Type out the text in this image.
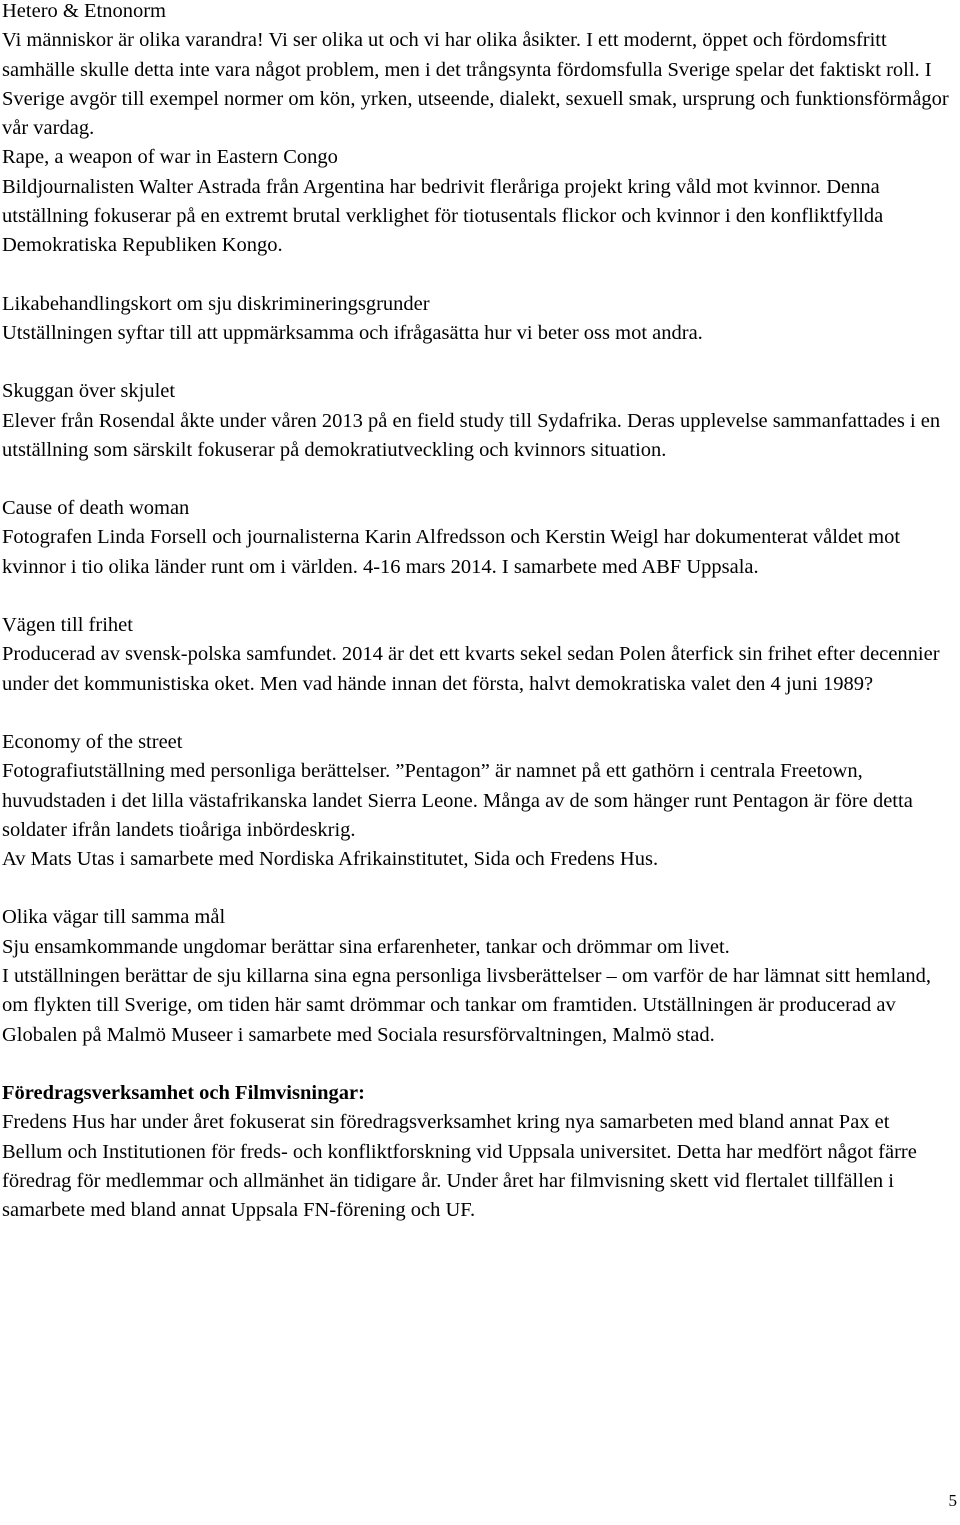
Hetero & Etnonorm
Vi människor är olika varandra! Vi ser olika ut och vi har olika åsikter. I ett modernt, öppet och fördomsfritt samhälle skulle detta inte vara något problem, men i det trångsynta fördomsfulla Sverige spelar det faktiskt roll. I Sverige avgör till exempel normer om kön, yrken, utseende, dialekt, sexuell smak, ursprung och funktionsförmågor vår vardag.
Rape, a weapon of war in Eastern Congo
Bildjournalisten Walter Astrada från Argentina har bedrivit fleråriga projekt kring våld mot kvinnor. Denna utställning fokuserar på en extremt brutal verklighet för tiotusentals flickor och kvinnor i den konfliktfyllda Demokratiska Republiken Kongo.
Likabehandlingskort om sju diskrimineringsgrunder
Utställningen syftar till att uppmärksamma och ifrågasätta hur vi beter oss mot andra.
Skuggan över skjulet
Elever från Rosendal åkte under våren 2013 på en field study till Sydafrika. Deras upplevelse sammanfattades i en utställning som särskilt fokuserar på demokratiutveckling och kvinnors situation.
Cause of death woman
Fotografen Linda Forsell och journalisterna Karin Alfredsson och Kerstin Weigl har dokumenterat våldet mot kvinnor i tio olika länder runt om i världen. 4-16 mars 2014. I samarbete med ABF Uppsala.
Vägen till frihet
Producerad av svensk-polska samfundet. 2014 är det ett kvarts sekel sedan Polen återfick sin frihet efter decennier under det kommunistiska oket. Men vad hände innan det första, halvt demokratiska valet den 4 juni 1989?
Economy of the street
Fotografiutställning med personliga berättelser. ”Pentagon” är namnet på ett gathörn i centrala Freetown, huvudstaden i det lilla västafrikanska landet Sierra Leone. Många av de som hänger runt Pentagon är före detta soldater ifrån landets tioåriga inbördeskrig.
Av Mats Utas i samarbete med Nordiska Afrikainstitutet, Sida och Fredens Hus.
Olika vägar till samma mål
Sju ensamkommande ungdomar berättar sina erfarenheter, tankar och drömmar om livet.
I utställningen berättar de sju killarna sina egna personliga livsberättelser – om varför de har lämnat sitt hemland, om flykten till Sverige, om tiden här samt drömmar och tankar om framtiden. Utställningen är producerad av Globalen på Malmö Museer i samarbete med Sociala resursförvaltningen, Malmö stad.
Föredragsverksamhet och Filmvisningar:
Fredens Hus har under året fokuserat sin föredragsverksamhet kring nya samarbeten med bland annat Pax et Bellum och Institutionen för freds- och konfliktforskning vid Uppsala universitet. Detta har medfört något färre föredrag för medlemmar och allmänhet än tidigare år. Under året har filmvisning skett vid flertalet tillfällen i samarbete med bland annat Uppsala FN-förening och UF.
5
